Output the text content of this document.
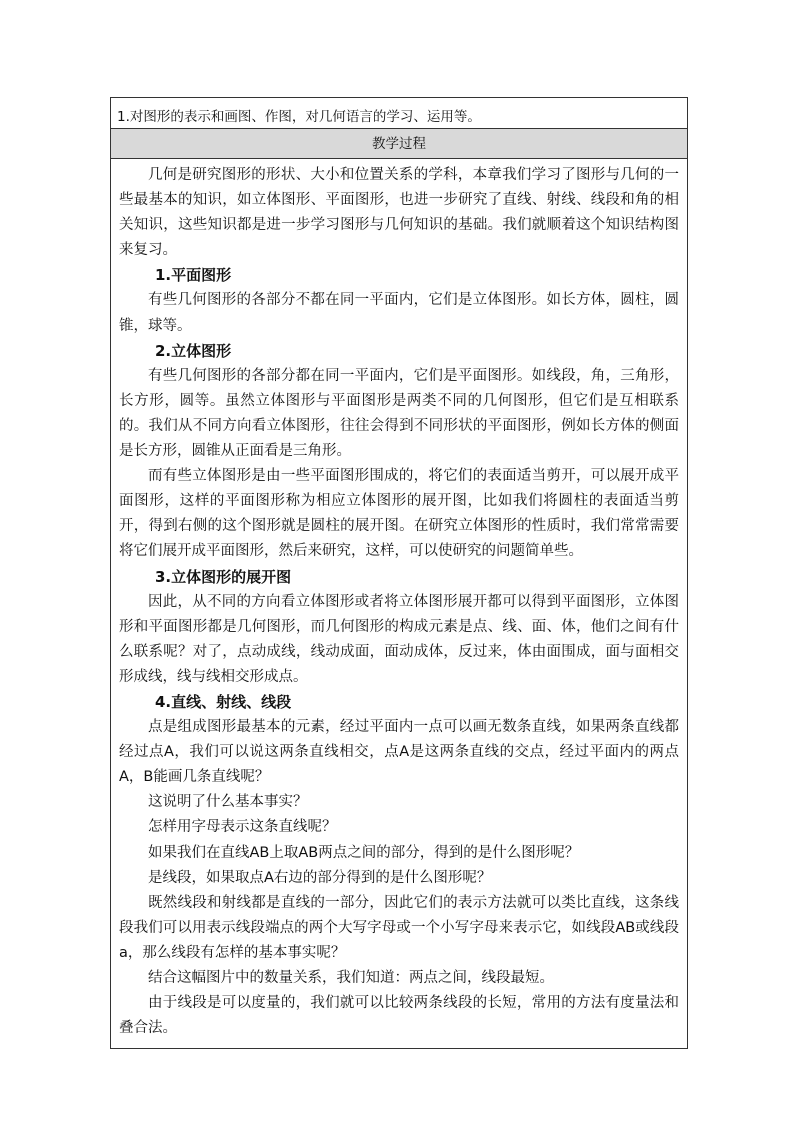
1.对图形的表示和画图、作图，对几何语言的学习、运用等。
教学过程

几何是研究图形的形状、大小和位置关系的学科，本章我们学习了图形与几何的一些最基本的知识，如立体图形、平面图形，也进一步研究了直线、射线、线段和角的相关知识，这些知识都是进一步学习图形与几何知识的基础。我们就顺着这个知识结构图来复习。

1.平面图形

有些几何图形的各部分不都在同一平面内，它们是立体图形。如长方体，圆柱，圆锥，球等。

2.立体图形

有些几何图形的各部分都在同一平面内，它们是平面图形。如线段，角，三角形，长方形，圆等。虽然立体图形与平面图形是两类不同的几何图形，但它们是互相联系的。我们从不同方向看立体图形，往往会得到不同形状的平面图形，例如长方体的侧面是长方形，圆锥从正面看是三角形。

而有些立体图形是由一些平面图形围成的，将它们的表面适当剪开，可以展开成平面图形，这样的平面图形称为相应立体图形的展开图，比如我们将圆柱的表面适当剪开，得到右侧的这个图形就是圆柱的展开图。在研究立体图形的性质时，我们常常需要将它们展开成平面图形，然后来研究，这样，可以使研究的问题简单些。

3.立体图形的展开图

因此，从不同的方向看立体图形或者将立体图形展开都可以得到平面图形，立体图形和平面图形都是几何图形，而几何图形的构成元素是点、线、面、体，他们之间有什么联系呢？对了，点动成线，线动成面，面动成体，反过来，体由面围成，面与面相交形成线，线与线相交形成点。

4.直线、射线、线段

点是组成图形最基本的元素，经过平面内一点可以画无数条直线，如果两条直线都经过点A，我们可以说这两条直线相交，点A是这两条直线的交点，经过平面内的两点A，B能画几条直线呢？

这说明了什么基本事实？

怎样用字母表示这条直线呢？

如果我们在直线AB上取AB两点之间的部分，得到的是什么图形呢？

是线段，如果取点A右边的部分得到的是什么图形呢？

既然线段和射线都是直线的一部分，因此它们的表示方法就可以类比直线，这条线段我们可以用表示线段端点的两个大写字母或一个小写字母来表示它，如线段AB或线段a，那么线段有怎样的基本事实呢？

结合这幅图片中的数量关系，我们知道：两点之间，线段最短。

由于线段是可以度量的，我们就可以比较两条线段的长短，常用的方法有度量法和叠合法。
